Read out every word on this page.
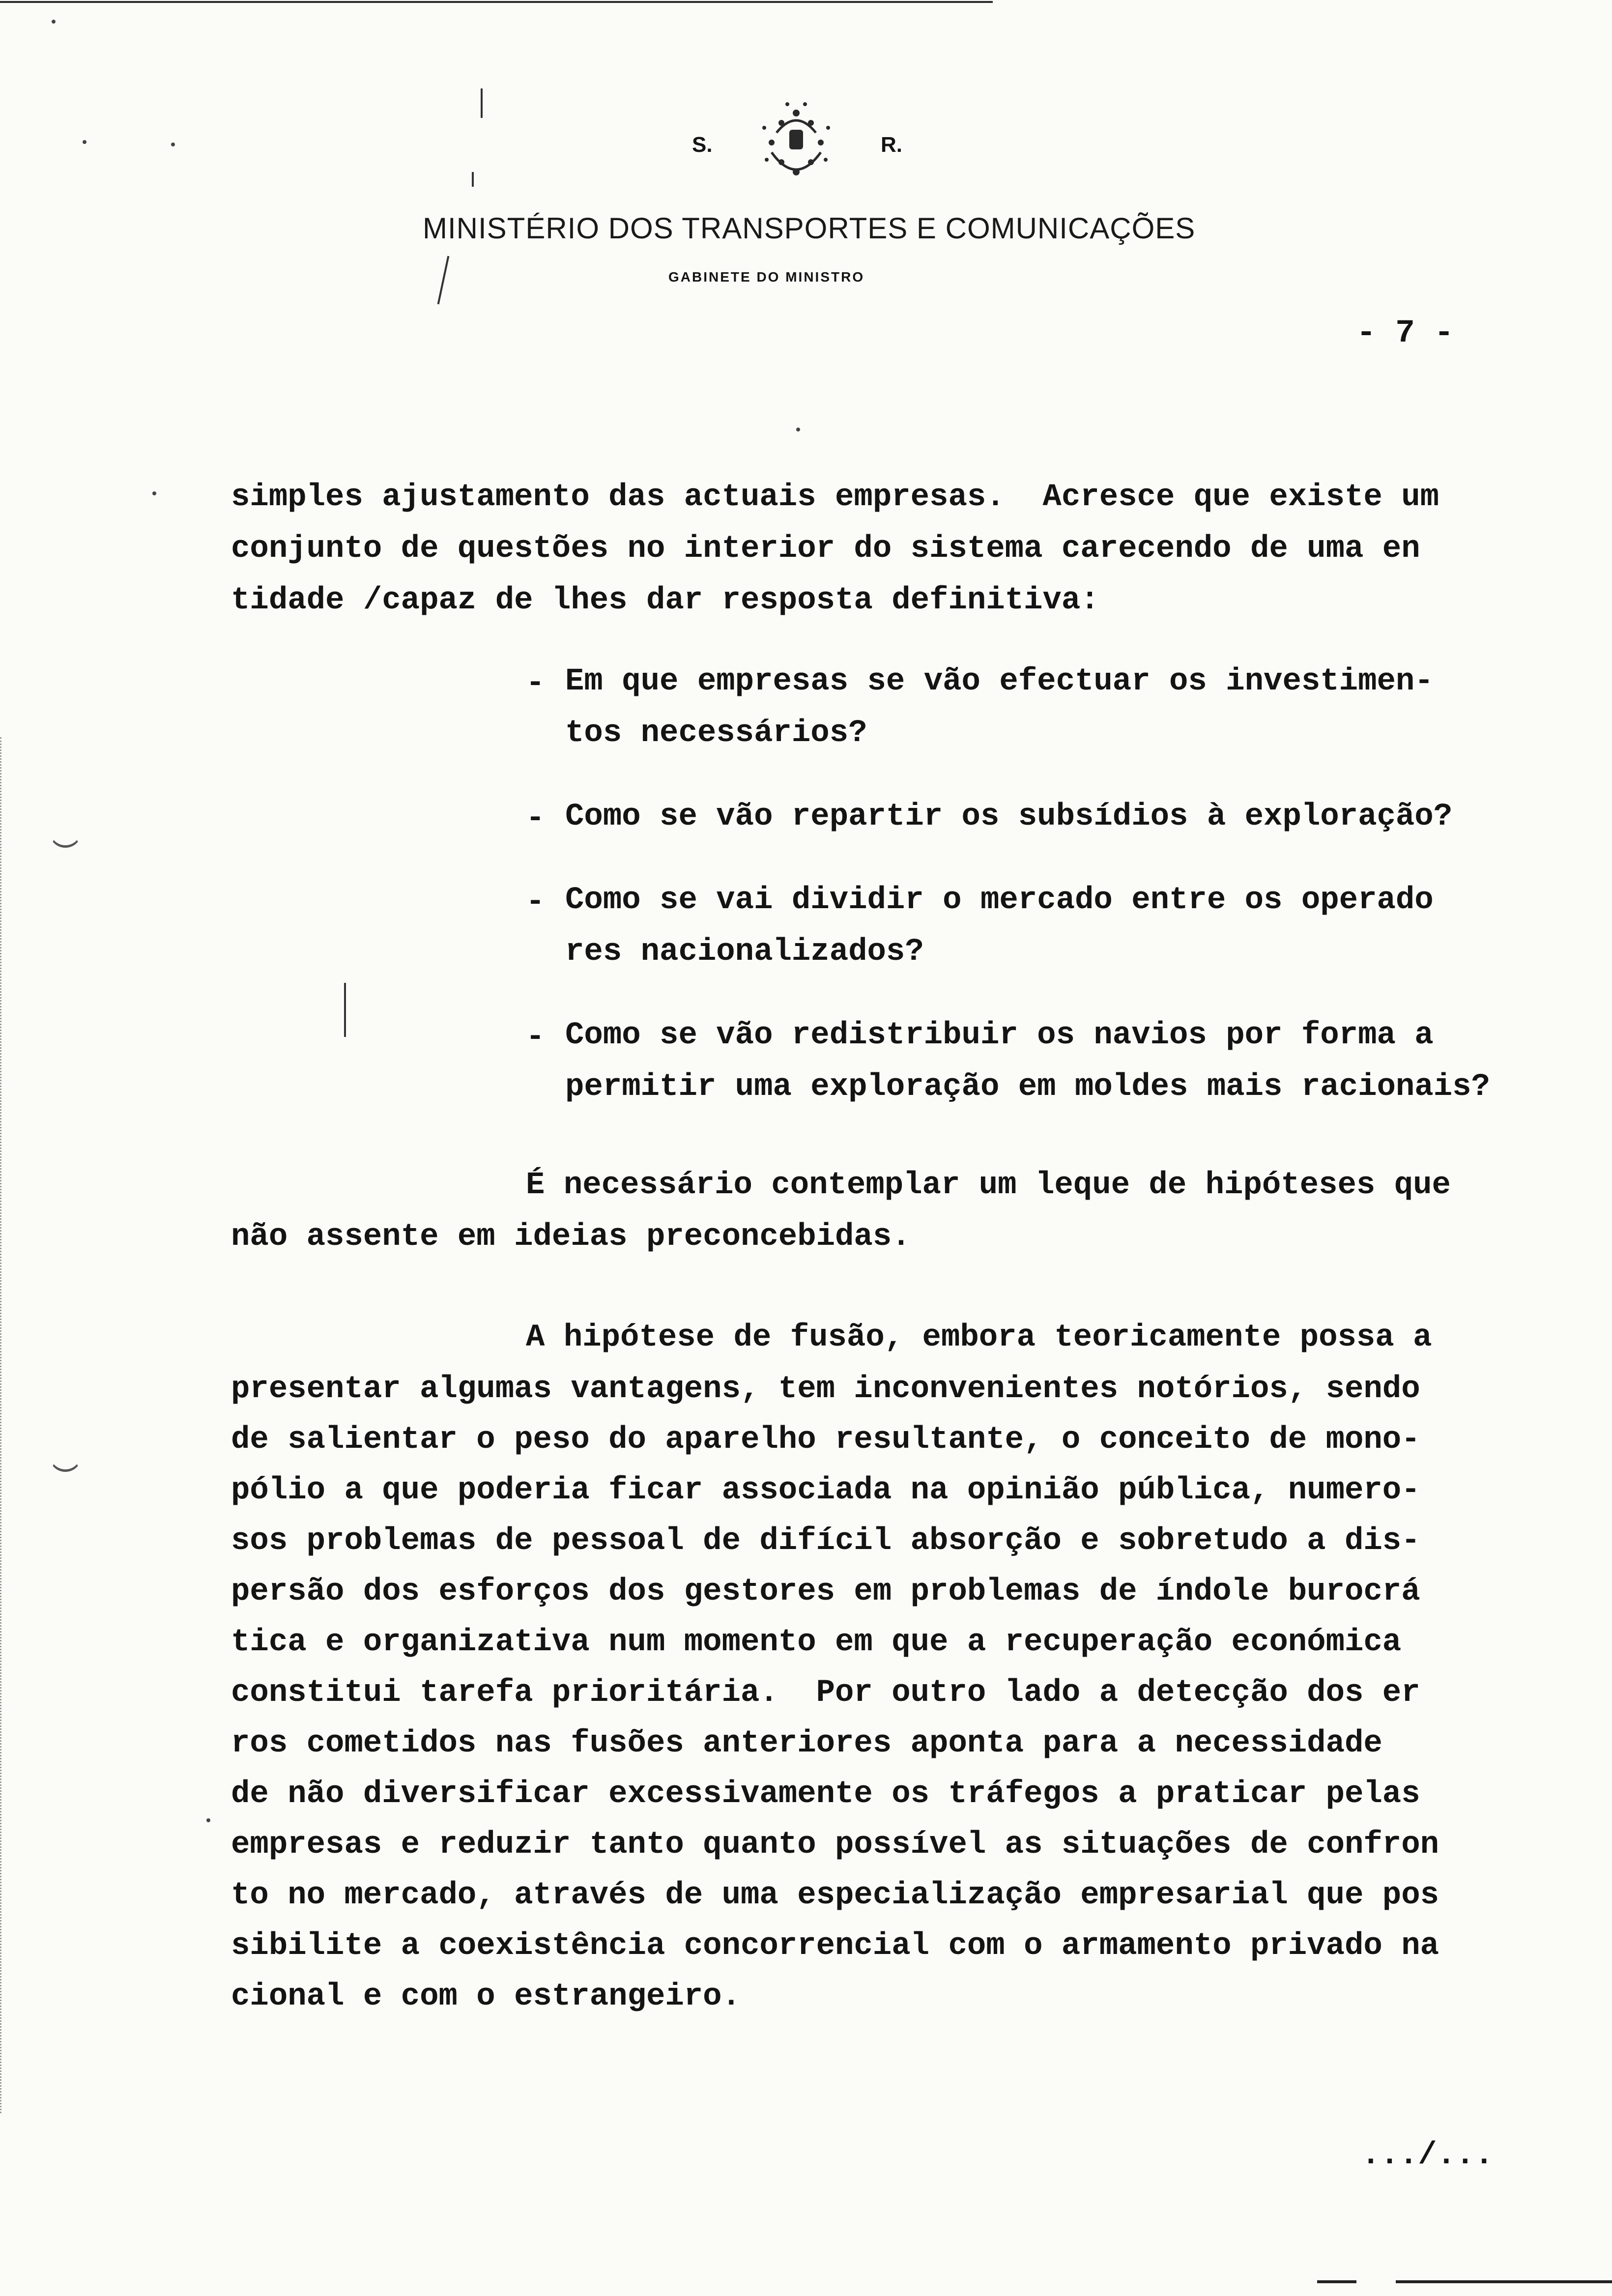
S.	R.
MINISTÉRIO DOS TRANSPORTES E COMUNICAÇÕES
GABINETE DO MINISTRO
- 7 -
simples ajustamento das actuais empresas.  Acresce que existe um
conjunto de questões no interior do sistema carecendo de uma en
tidade /capaz de lhes dar resposta definitiva:
- Em que empresas se vão efectuar os investimen-
tos necessários?
- Como se vão repartir os subsídios à exploração?
- Como se vai dividir o mercado entre os operado
res nacionalizados?
- Como se vão redistribuir os navios por forma a
permitir uma exploração em moldes mais racionais?
É necessário contemplar um leque de hipóteses que
não assente em ideias preconcebidas.
A hipótese de fusão, embora teoricamente possa a
presentar algumas vantagens, tem inconvenientes notórios, sendo
de salientar o peso do aparelho resultante, o conceito de mono-
pólio a que poderia ficar associada na opinião pública, numero-
sos problemas de pessoal de difícil absorção e sobretudo a dis-
persão dos esforços dos gestores em problemas de índole burocrá
tica e organizativa num momento em que a recuperação económica
constitui tarefa prioritária.  Por outro lado a detecção dos er
ros cometidos nas fusões anteriores aponta para a necessidade
de não diversificar excessivamente os tráfegos a praticar pelas
empresas e reduzir tanto quanto possível as situações de confron
to no mercado, através de uma especialização empresarial que pos
sibilite a coexistência concorrencial com o armamento privado na
cional e com o estrangeiro.
.../...
